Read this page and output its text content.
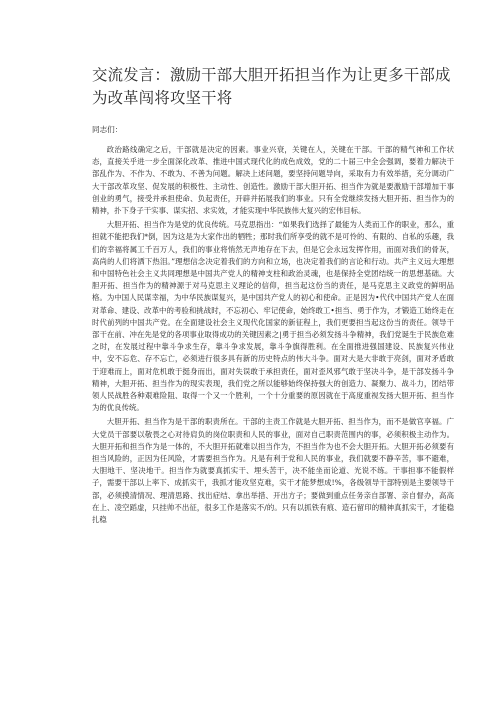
交流发言：激励干部大胆开拓担当作为让更多干部成为改革闯将攻坚干将

同志们：

政治路线确定之后，干部就是决定的因素。事业兴衰，关键在人，关键在干部。干部的精气神和工作状态，直接关乎进一步全面深化改革、推进中国式现代化的成色成效，党的二十届三中全会强调，要着力解决干部乱作为、不作为、不敢为、不善为问题。解决上述问题，要坚持问题导向，采取有力有效举措，充分调动广大干部改革攻坚、促发展的积极性、主动性、创造性。激励干部大胆开拓、担当作为就是要激励干部增加干事创业的勇气，接受并承担使命、负起责任，开辟并拓展我们的事业。只有全党继续发扬大胆开拓、担当作为的精神，扑下身子干实事、谋实招、求实效，才能实现中华民族伟大复兴的宏伟目标。

大胆开拓、担当作为是党的优良传统。马克思指出：“如果我们选择了最能为人类而工作的职业，那么，重担就不能把我们*倒，因为这是为大家作出的牺牲；那时我们所享受的就不是可怜的、有限的、自私的乐趣，我们的幸福将属工千百万人，我们的事业将悄然无声地存在下去，但是它会永远发挥作用，而面对我们的骨灰，高尚的人们将洒下热泪。”理想信念决定着我们的方向和立场，也决定着我们的言论和行动。共产主义远大理想和中国特色社会主义共同理想是中国共产党人的精神支柱和政治灵魂，也是保持全党团结统一的思想基础。大胆开拓、担当作为的精神源于对马克思主义理论的信仰，担当起这份当的责任，是马克思主义政党的鲜明品格。为中国人民谋幸福，为中华民族谋复兴，是中国共产党人的初心和使命。正是因为•代代中国共产党人在面对革命、建设、改革中的考验和挑战时，不忘初心、牢记使命，始终敢工•担当、勇于作为，才锻造工始终走在时代前列的中国共产党。在全面建设社会主义现代化国家的新征程上，我们更要担当起这份当的责任。领导干部干在前、冲在先是党的各项事业取得成功的关键因素之|勇于担当必须发扬斗争精神，我们党诞生于民族危难之时，在发展过程中靠斗争求生存，靠斗争求发展，靠斗争旗得胜利。在全面推进强国建设、民族复兴伟业中，安不忘危、存不忘亡，必须进行很多具有新的历史特点的伟大斗争。面对大是大非敢于亮剑，面对矛盾敢于迎难而上，面对危机敢于挺身而出，面对失误敢于承担责任，面对歪风邪气敢于坚决斗争，是干部发扬斗争精神，大胆开拓、担当作为的现实表现，我们党之所以能够始终保持强大的创造力、凝聚力、战斗力，团结带领人民战胜各种艰难险阻、取得一个又一个胜利，一个十分重要的原因就在于高度重视发扬大胆开拓、担当作为的优良传统。

大胆开拓、担当作为是干部的职责所在。干部的主责工作就是大胆开拓、担当作为，而不是做官享福。广大党员干部要以敬畏之心对待肩负的岗位职责和人民的事业，面对自己职责范围内的事，必须积极主动作为。大胆开拓和担当作为是一体的，不大胆开拓就难以担当作为，不担当作为也不会大胆开拓。大胆开拓必须要有担当风险的，正因为任风险，才需要担当作为。凡是有利于党和人民的事业，我们就要不静辛苦，事不避难，大胆地干、坚决地干。担当作为就要真抓实干、埋头苦干，决不能坐而论道、光说不练。干事担事不能假样子，需要干部以上率下、成抓实干，我抓才能攻坚克难，实干才能梦想成!%，各级领导干部特别是主要领导干部，必须摸清情况、理清思路、找出症结、拿出举措、开出方子；要做到重点任务亲自部署、亲自督办，高高在上、凌空蹈虚，只挂帅不出征，很多工作是落实不/的。只有以抓铁有痕、造石留印的精神真抓实干，才能稳扎稳
